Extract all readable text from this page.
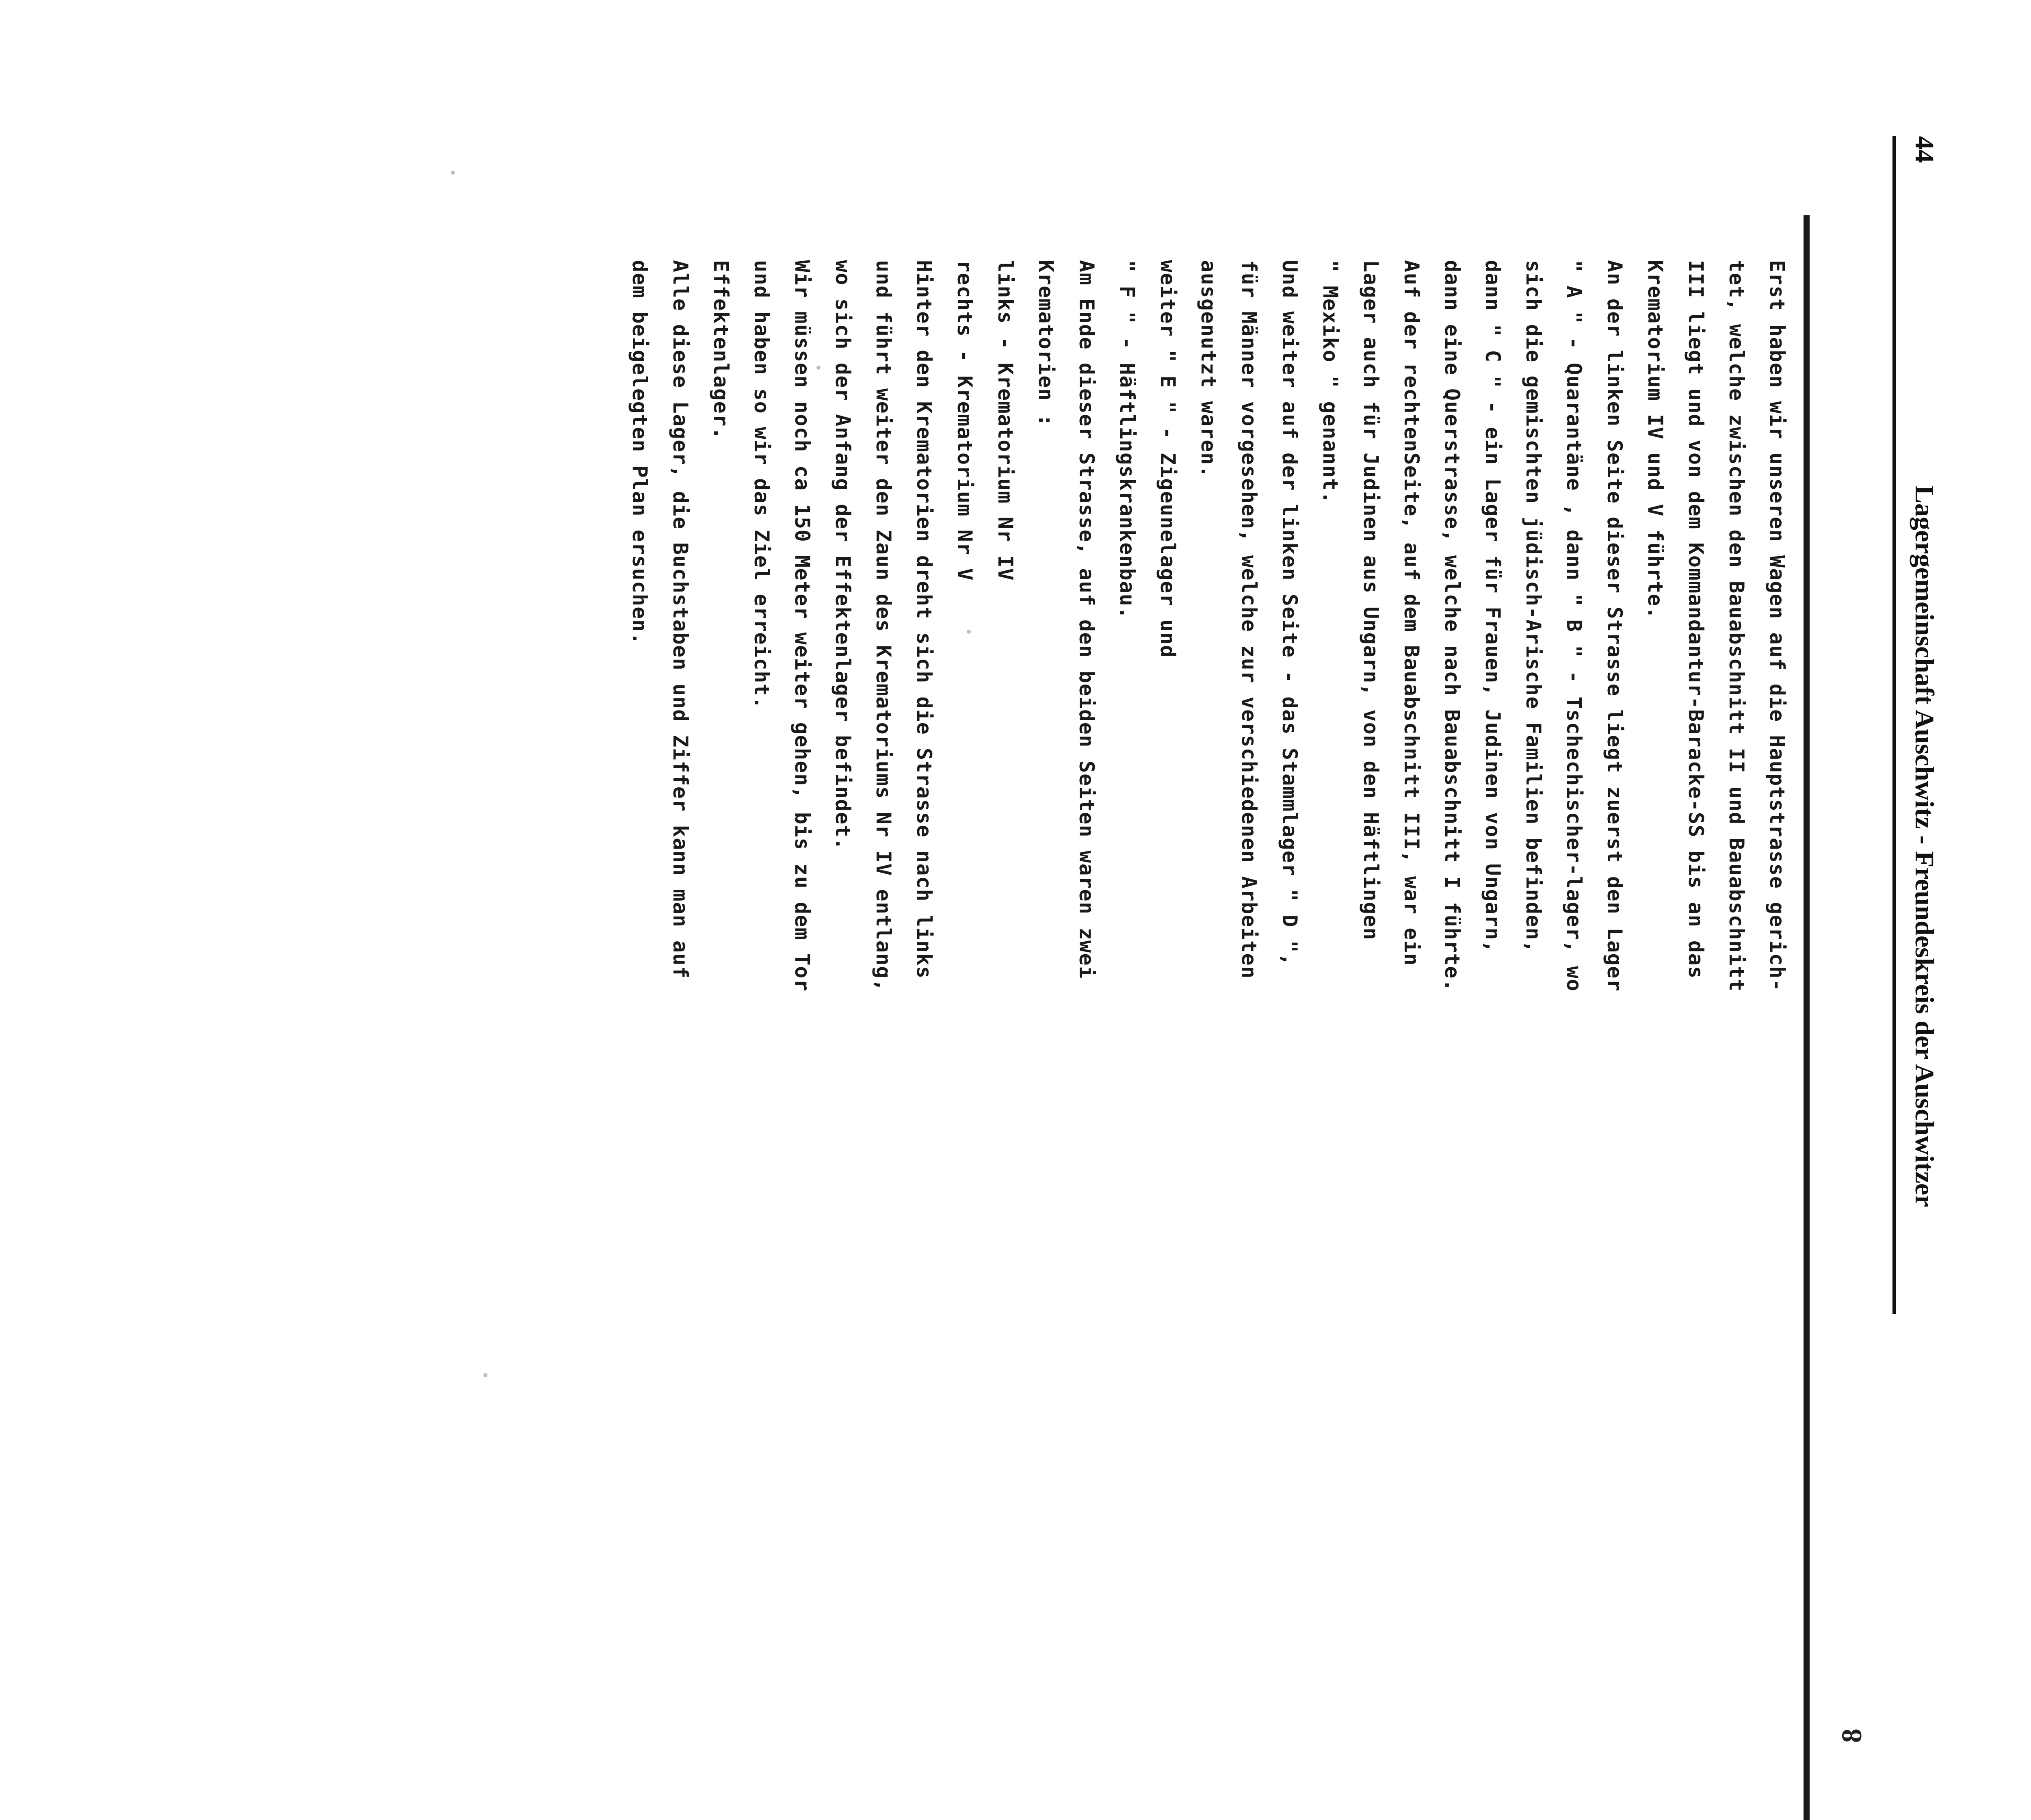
44
Lagergemeinschaft Auschwitz - Freundeskreis der Auschwitzer
8
Erst haben wir unseren Wagen auf die Hauptstrasse gerich-
tet, welche zwischen den Bauabschnitt II und Bauabschnitt
III liegt und von dem Kommandantur-Baracke-SS bis an das
Krematorium IV und V führte.
An der linken Seite dieser Strasse liegt zuerst den Lager
" A " - Quarantäne , dann " B " - Tschechischer-lager, wo
sich die gemischten jüdisch-Arische Familien befinden,
dann " C " - ein Lager für Frauen, Judinen von Ungarn,
dann eine Querstrasse, welche nach Bauabschnitt I führte.
Auf der rechtenSeite, auf dem Bauabschnitt III, war ein
Lager auch für Judinen aus Ungarn, von den Häftlingen
" Mexiko " genannt.
Und weiter auf der linken Seite - das Stammlager " D ",
für Männer vorgesehen, welche zur verschiedenen Arbeiten
ausgenutzt waren.
weiter " E " - Zigeunelager und
" F " - Häftlingskrankenbau.
Am Ende dieser Strasse, auf den beiden Seiten waren zwei
Krematorien :
links - Krematorium Nr IV
rechts - Krematorium Nr V
Hinter den Krematorien dreht sich die Strasse nach links
und führt weiter den Zaun des Krematoriums Nr IV entlang,
wo sich der Anfang der Effektenlager befindet.
Wir müssen noch ca 150 Meter weiter gehen, bis zu dem Tor
und haben so wir das Ziel erreicht.
Effektenlager.
Alle diese Lager, die Buchstaben und Ziffer kann man auf
dem beigelegten Plan ersuchen.
